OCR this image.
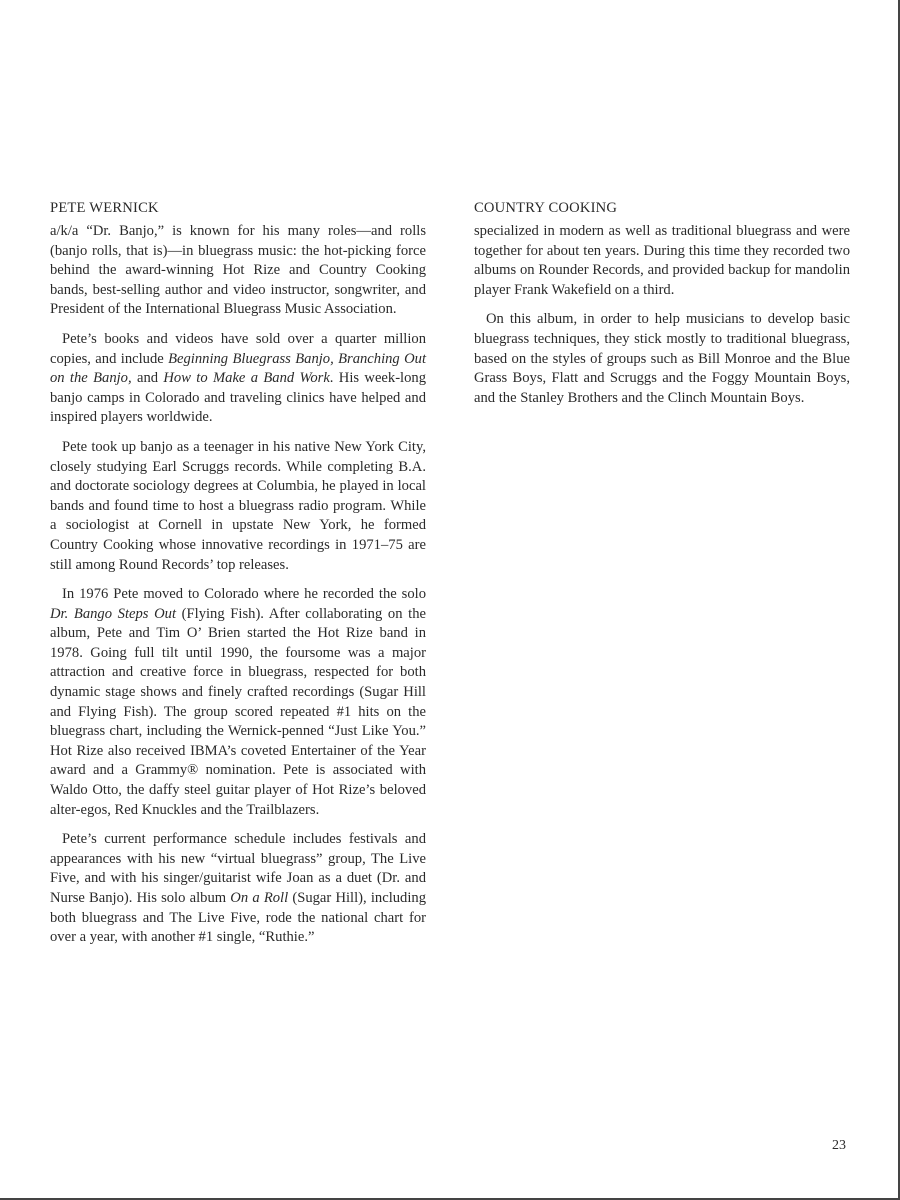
PETE WERNICK

a/k/a “Dr. Banjo,” is known for his many roles—and rolls (banjo rolls, that is)—in bluegrass music: the hot-picking force behind the award-winning Hot Rize and Country Cooking bands, best-selling author and video instructor, songwriter, and President of the International Bluegrass Music Association.

Pete’s books and videos have sold over a quarter million copies, and include Beginning Bluegrass Banjo, Branching Out on the Banjo, and How to Make a Band Work. His week-long banjo camps in Colorado and traveling clinics have helped and inspired players worldwide.

Pete took up banjo as a teenager in his native New York City, closely studying Earl Scruggs records. While completing B.A. and doctorate sociology degrees at Columbia, he played in local bands and found time to host a bluegrass radio program. While a sociologist at Cornell in upstate New York, he formed Country Cooking whose innovative recordings in 1971–75 are still among Round Records’ top releases.

In 1976 Pete moved to Colorado where he recorded the solo Dr. Bango Steps Out (Flying Fish). After collaborating on the album, Pete and Tim O’ Brien started the Hot Rize band in 1978. Going full tilt until 1990, the foursome was a major attraction and creative force in bluegrass, respected for both dynamic stage shows and finely crafted recordings (Sugar Hill and Flying Fish). The group scored repeated #1 hits on the bluegrass chart, including the Wernick-penned “Just Like You.” Hot Rize also received IBMA’s coveted Entertainer of the Year award and a Grammy® nomination. Pete is associated with Waldo Otto, the daffy steel guitar player of Hot Rize’s beloved alter-egos, Red Knuckles and the Trailblazers.

Pete’s current performance schedule includes festivals and appearances with his new “virtual bluegrass” group, The Live Five, and with his singer/guitarist wife Joan as a duet (Dr. and Nurse Banjo). His solo album On a Roll (Sugar Hill), including both bluegrass and The Live Five, rode the national chart for over a year, with another #1 single, “Ruthie.”

COUNTRY COOKING

specialized in modern as well as traditional bluegrass and were together for about ten years. During this time they recorded two albums on Rounder Records, and provided backup for mandolin player Frank Wakefield on a third.

On this album, in order to help musicians to develop basic bluegrass techniques, they stick mostly to traditional bluegrass, based on the styles of groups such as Bill Monroe and the Blue Grass Boys, Flatt and Scruggs and the Foggy Mountain Boys, and the Stanley Brothers and the Clinch Mountain Boys.

23
